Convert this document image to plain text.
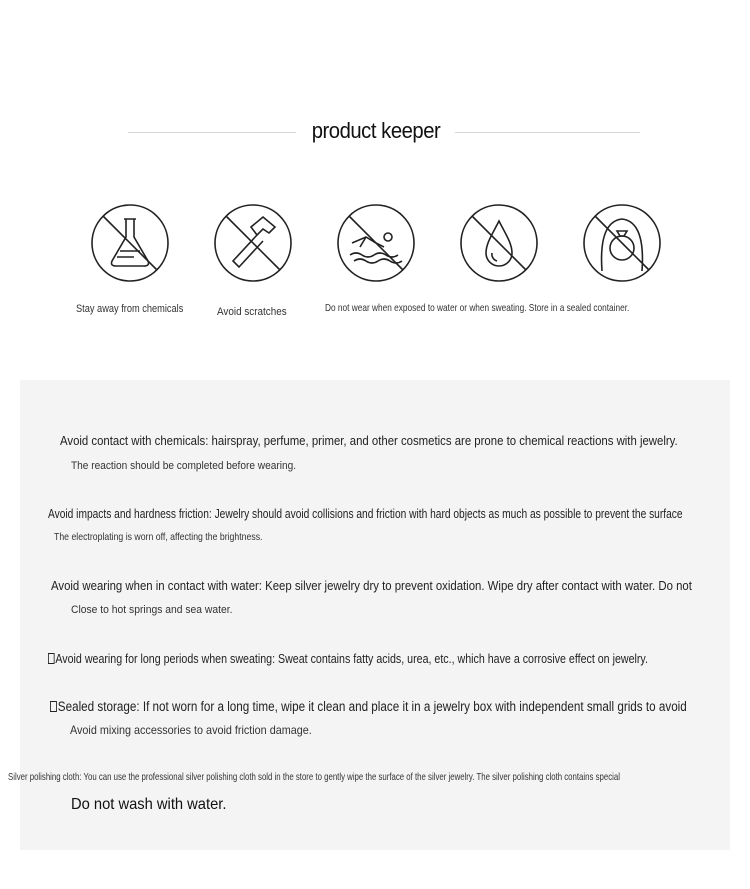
product keeper
Stay away from chemicals	Avoid scratches	Do not wear when exposed to water or when sweating. Store in a sealed container.
Avoid contact with chemicals: hairspray, perfume, primer, and other cosmetics are prone to chemical reactions with jewelry.
The reaction should be completed before wearing.
Avoid impacts and hardness friction: Jewelry should avoid collisions and friction with hard objects as much as possible to prevent the surface
The electroplating is worn off, affecting the brightness.
Avoid wearing when in contact with water: Keep silver jewelry dry to prevent oxidation. Wipe dry after contact with water. Do not
Close to hot springs and sea water.
Avoid wearing for long periods when sweating: Sweat contains fatty acids, urea, etc., which have a corrosive effect on jewelry.
Sealed storage: If not worn for a long time, wipe it clean and place it in a jewelry box with independent small grids to avoid
Avoid mixing accessories to avoid friction damage.
Silver polishing cloth: You can use the professional silver polishing cloth sold in the store to gently wipe the surface of the silver jewelry. The silver polishing cloth contains special
Do not wash with water.
